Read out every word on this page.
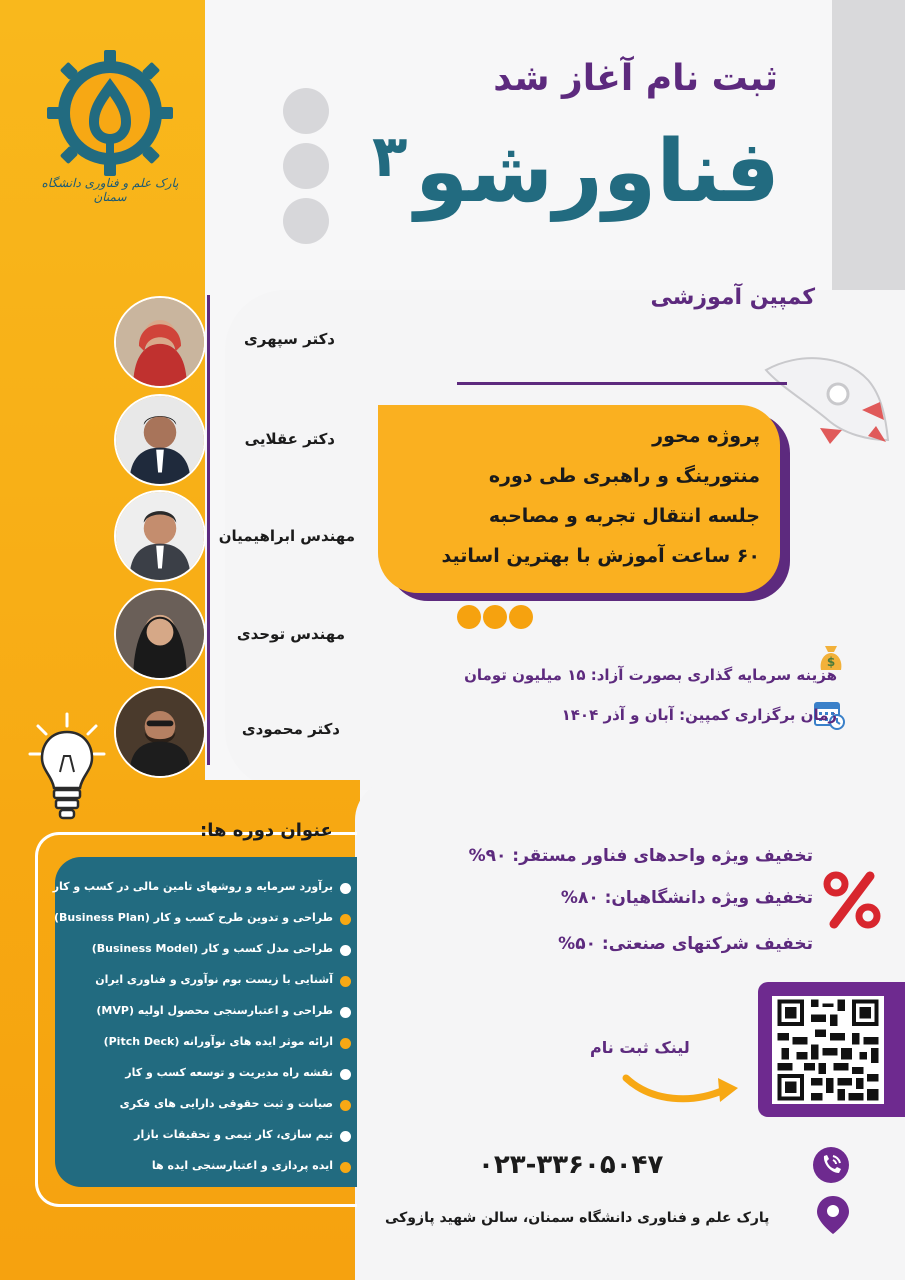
پارک علم و فناوری دانشگاه سمنان
ثبت نام آغاز شد
فناورشو
۳
کمپین آموزشی
دکتر سپهری
دکتر عقلایی
مهندس ابراهیمیان
مهندس توحدی
دکتر محمودی
پروژه محور
منتورینگ و راهبری طی دوره
جلسه انتقال تجربه و مصاحبه
۶۰ ساعت آموزش با بهترین اساتید
$
هزینه سرمایه گذاری بصورت آزاد: ۱۵ میلیون تومان
زمان برگزاری کمپین: آبان و آذر ۱۴۰۴
عنوان دوره ها:
برآورد سرمایه و روشهای تامین مالی در کسب و کار
طراحی و تدوین طرح کسب و کار (Business Plan)
طراحی مدل کسب و کار (Business Model)
آشنایی با زیست بوم نوآوری و فناوری ایران
طراحی و اعتبارسنجی محصول اولیه (MVP)
ارائه موثر ایده های نوآورانه (Pitch Deck)
نقشه راه مدیریت و توسعه کسب و کار
صیانت و ثبت حقوقی دارایی های فکری
تیم سازی، کار تیمی و تحقیقات بازار
ایده پردازی و اعتبارسنجی ایده ها
تخفیف ویژه واحدهای فناور مستقر: ۹۰%
تخفیف ویژه دانشگاهیان: ۸۰%
تخفیف شرکتهای صنعتی: ۵۰%
لینک ثبت نام
۰۲۳-۳۳۶۰۵۰۴۷
پارک علم و فناوری دانشگاه سمنان، سالن شهید پازوکی
